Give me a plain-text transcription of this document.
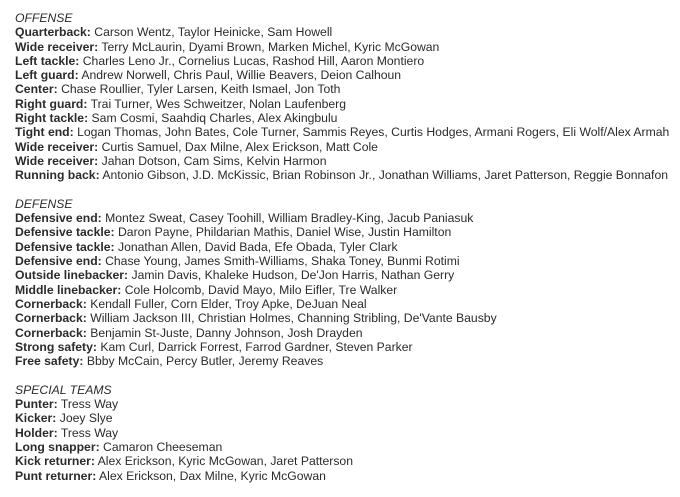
OFFENSE
Quarterback: Carson Wentz, Taylor Heinicke, Sam Howell
Wide receiver: Terry McLaurin, Dyami Brown, Marken Michel, Kyric McGowan
Left tackle: Charles Leno Jr., Cornelius Lucas, Rashod Hill, Aaron Montiero
Left guard: Andrew Norwell, Chris Paul, Willie Beavers, Deion Calhoun
Center: Chase Roullier, Tyler Larsen, Keith Ismael, Jon Toth
Right guard: Trai Turner, Wes Schweitzer, Nolan Laufenberg
Right tackle: Sam Cosmi, Saahdiq Charles, Alex Akingbulu
Tight end: Logan Thomas, John Bates, Cole Turner, Sammis Reyes, Curtis Hodges, Armani Rogers, Eli Wolf/Alex Armah
Wide receiver: Curtis Samuel, Dax Milne, Alex Erickson, Matt Cole
Wide receiver: Jahan Dotson, Cam Sims, Kelvin Harmon
Running back: Antonio Gibson, J.D. McKissic, Brian Robinson Jr., Jonathan Williams, Jaret Patterson, Reggie Bonnafon
DEFENSE
Defensive end: Montez Sweat, Casey Toohill, William Bradley-King, Jacub Paniasuk
Defensive tackle: Daron Payne, Phildarian Mathis, Daniel Wise, Justin Hamilton
Defensive tackle: Jonathan Allen, David Bada, Efe Obada, Tyler Clark
Defensive end: Chase Young, James Smith-Williams, Shaka Toney, Bunmi Rotimi
Outside linebacker: Jamin Davis, Khaleke Hudson, De'Jon Harris, Nathan Gerry
Middle linebacker: Cole Holcomb, David Mayo, Milo Eifler, Tre Walker
Cornerback: Kendall Fuller, Corn Elder, Troy Apke, DeJuan Neal
Cornerback: William Jackson III, Christian Holmes, Channing Stribling, De'Vante Bausby
Cornerback: Benjamin St-Juste, Danny Johnson, Josh Drayden
Strong safety: Kam Curl, Darrick Forrest, Farrod Gardner, Steven Parker
Free safety: Bbby McCain, Percy Butler, Jeremy Reaves
SPECIAL TEAMS
Punter: Tress Way
Kicker: Joey Slye
Holder: Tress Way
Long snapper: Camaron Cheeseman
Kick returner: Alex Erickson, Kyric McGowan, Jaret Patterson
Punt returner: Alex Erickson, Dax Milne, Kyric McGowan
